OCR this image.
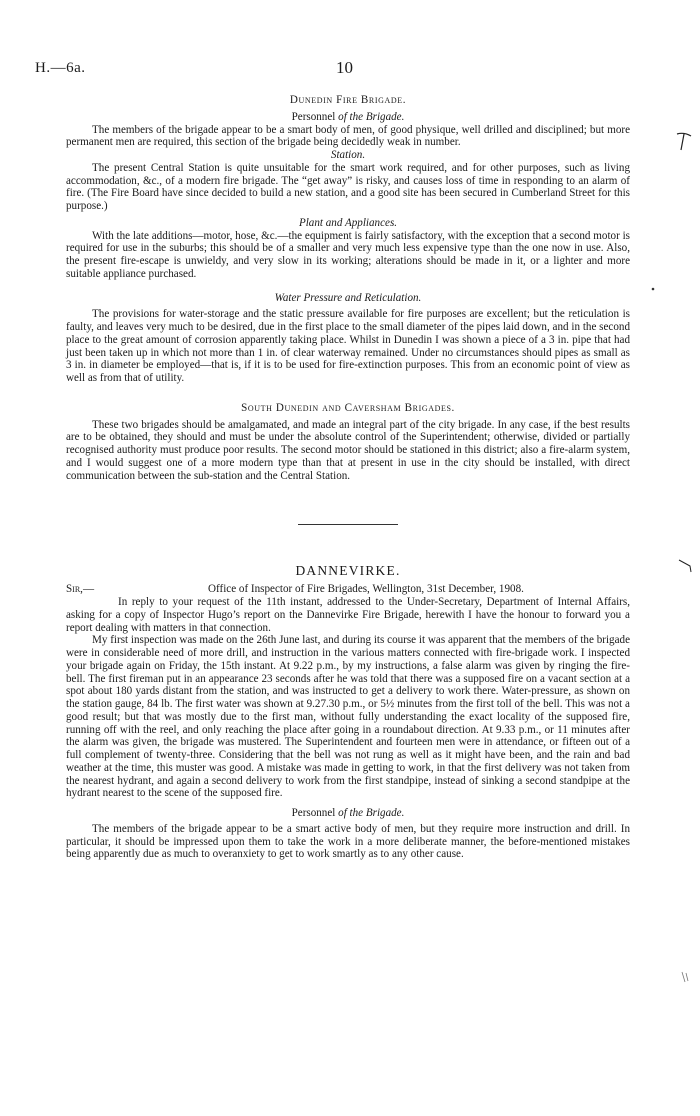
H.—6a.	10
Dunedin Fire Brigade.
Personnel of the Brigade.

The members of the brigade appear to be a smart body of men, of good physique, well drilled and disciplined; but more permanent men are required, this section of the brigade being decidedly weak in number.

Station.

The present Central Station is quite unsuitable for the smart work required, and for other purposes, such as living accommodation, &c., of a modern fire brigade. The “get away” is risky, and causes loss of time in responding to an alarm of fire. (The Fire Board have since decided to build a new station, and a good site has been secured in Cumberland Street for this purpose.)

Plant and Appliances.

With the late additions—motor, hose, &c.—the equipment is fairly satisfactory, with the exception that a second motor is required for use in the suburbs; this should be of a smaller and very much less expensive type than the one now in use. Also, the present fire-escape is unwieldy, and very slow in its working; alterations should be made in it, or a lighter and more suitable appliance purchased.

Water Pressure and Reticulation.

The provisions for water-storage and the static pressure available for fire purposes are excellent; but the reticulation is faulty, and leaves very much to be desired, due in the first place to the small diameter of the pipes laid down, and in the second place to the great amount of corrosion apparently taking place. Whilst in Dunedin I was shown a piece of a 3 in. pipe that had just been taken up in which not more than 1 in. of clear waterway remained. Under no circumstances should pipes as small as 3 in. in diameter be employed—that is, if it is to be used for fire-extinction purposes. This from an economic point of view as well as from that of utility.

South Dunedin and Caversham Brigades.

These two brigades should be amalgamated, and made an integral part of the city brigade. In any case, if the best results are to be obtained, they should and must be under the absolute control of the Superintendent; otherwise, divided or partially recognised authority must produce poor results. The second motor should be stationed in this district; also a fire-alarm system, and I would suggest one of a more modern type than that at present in use in the city should be installed, with direct communication between the sub-station and the Central Station.

DANNEVIRKE.
Sir,—	Office of Inspector of Fire Brigades, Wellington, 31st December, 1908.

In reply to your request of the 11th instant, addressed to the Under-Secretary, Department of Internal Affairs, asking for a copy of Inspector Hugo’s report on the Dannevirke Fire Brigade, herewith I have the honour to forward you a report dealing with matters in that connection.

My first inspection was made on the 26th June last, and during its course it was apparent that the members of the brigade were in considerable need of more drill, and instruction in the various matters connected with fire-brigade work. I inspected your brigade again on Friday, the 15th instant. At 9.22 p.m., by my instructions, a false alarm was given by ringing the fire-bell. The first fireman put in an appearance 23 seconds after he was told that there was a supposed fire on a vacant section at a spot about 180 yards distant from the station, and was instructed to get a delivery to work there. Water-pressure, as shown on the station gauge, 84 lb. The first water was shown at 9.27.30 p.m., or 5½ minutes from the first toll of the bell. This was not a good result; but that was mostly due to the first man, without fully understanding the exact locality of the supposed fire, running off with the reel, and only reaching the place after going in a roundabout direction. At 9.33 p.m., or 11 minutes after the alarm was given, the brigade was mustered. The Superintendent and fourteen men were in attendance, or fifteen out of a full complement of twenty-three. Considering that the bell was not rung as well as it might have been, and the rain and bad weather at the time, this muster was good. A mistake was made in getting to work, in that the first delivery was not taken from the nearest hydrant, and again a second delivery to work from the first standpipe, instead of sinking a second standpipe at the hydrant nearest to the scene of the supposed fire.

Personnel of the Brigade.

The members of the brigade appear to be a smart active body of men, but they require more instruction and drill. In particular, it should be impressed upon them to take the work in a more deliberate manner, the before-mentioned mistakes being apparently due as much to overanxiety to get to work smartly as to any other cause.
